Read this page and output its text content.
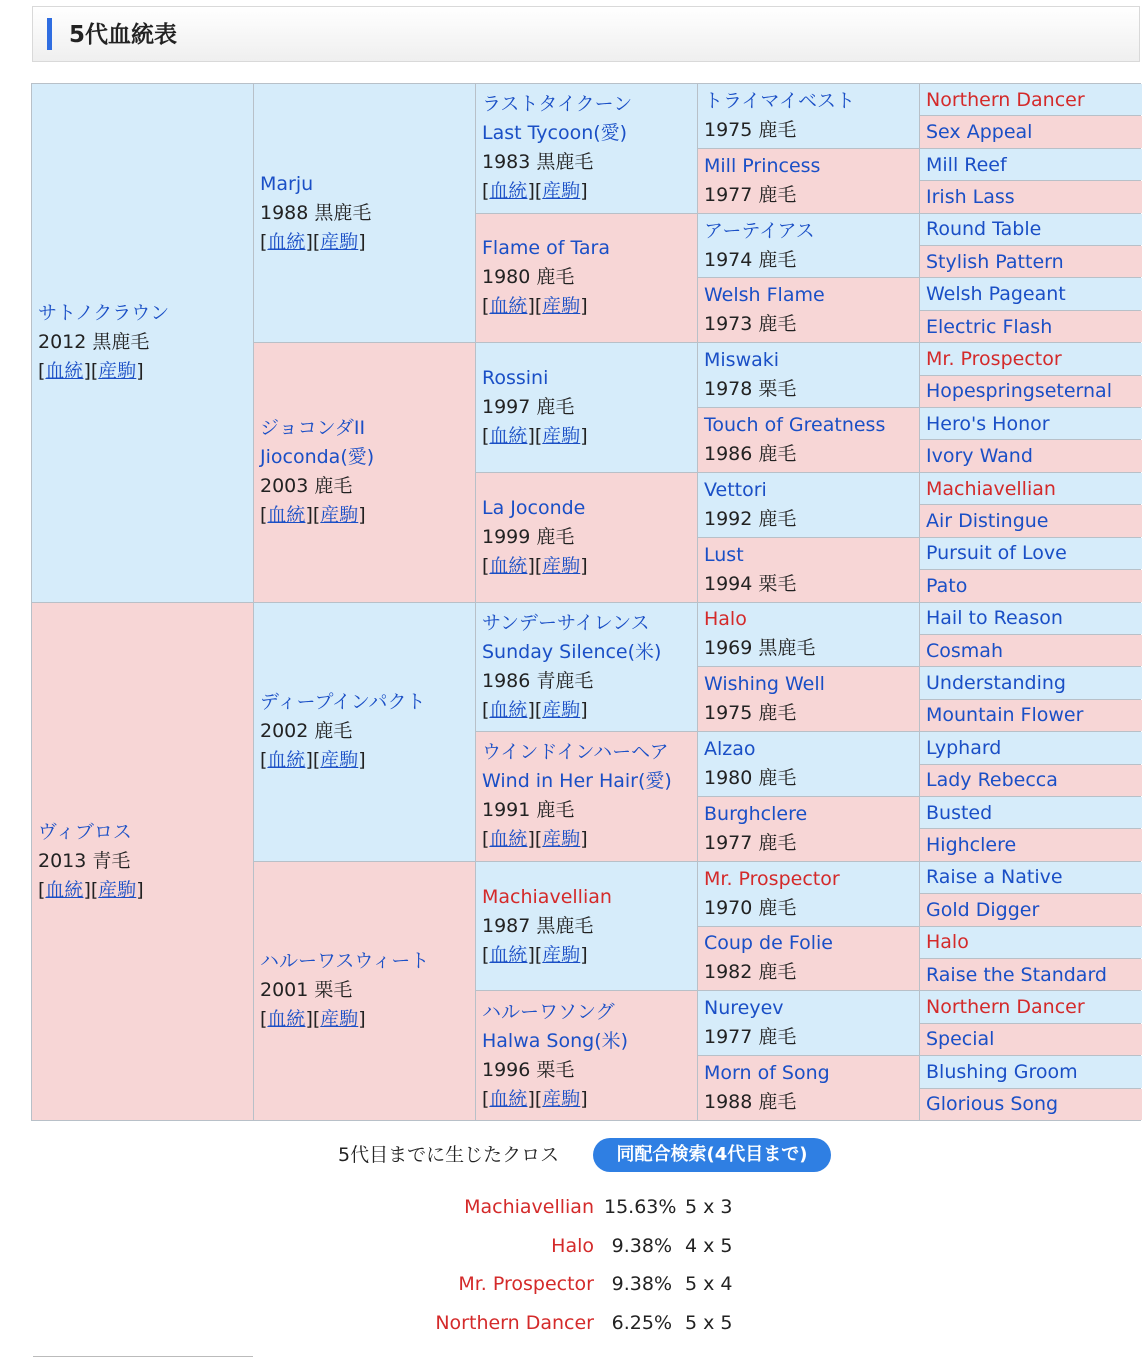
5代血統表
サトノクラウン
2012 黒鹿毛
[血統][産駒]
Marju
1988 黒鹿毛
[血統][産駒]
ラストタイクーン
Last Tycoon(愛)
1983 黒鹿毛
[血統][産駒]
トライマイベスト
1975 鹿毛
Northern Dancer
Sex Appeal
Mill Princess
1977 鹿毛
Mill Reef
Irish Lass
Flame of Tara
1980 鹿毛
[血統][産駒]
アーテイアス
1974 鹿毛
Round Table
Stylish Pattern
Welsh Flame
1973 鹿毛
Welsh Pageant
Electric Flash
ジョコンダII
Jioconda(愛)
2003 鹿毛
[血統][産駒]
Rossini
1997 鹿毛
[血統][産駒]
Miswaki
1978 栗毛
Mr. Prospector
Hopespringseternal
Touch of Greatness
1986 鹿毛
Hero's Honor
Ivory Wand
La Joconde
1999 鹿毛
[血統][産駒]
Vettori
1992 鹿毛
Machiavellian
Air Distingue
Lust
1994 栗毛
Pursuit of Love
Pato
ヴィブロス
2013 青毛
[血統][産駒]
ディープインパクト
2002 鹿毛
[血統][産駒]
サンデーサイレンス
Sunday Silence(米)
1986 青鹿毛
[血統][産駒]
Halo
1969 黒鹿毛
Hail to Reason
Cosmah
Wishing Well
1975 鹿毛
Understanding
Mountain Flower
ウインドインハーヘア
Wind in Her Hair(愛)
1991 鹿毛
[血統][産駒]
Alzao
1980 鹿毛
Lyphard
Lady Rebecca
Burghclere
1977 鹿毛
Busted
Highclere
ハルーワスウィート
2001 栗毛
[血統][産駒]
Machiavellian
1987 黒鹿毛
[血統][産駒]
Mr. Prospector
1970 鹿毛
Raise a Native
Gold Digger
Coup de Folie
1982 鹿毛
Halo
Raise the Standard
ハルーワソング
Halwa Song(米)
1996 栗毛
[血統][産駒]
Nureyev
1977 鹿毛
Northern Dancer
Special
Morn of Song
1988 鹿毛
Blushing Groom
Glorious Song
5代目までに生じたクロス	同配合検索(4代目まで)
Machiavellian 15.63% 5 x 3
Halo 9.38% 4 x 5
Mr. Prospector 9.38% 5 x 4
Northern Dancer 6.25% 5 x 5
